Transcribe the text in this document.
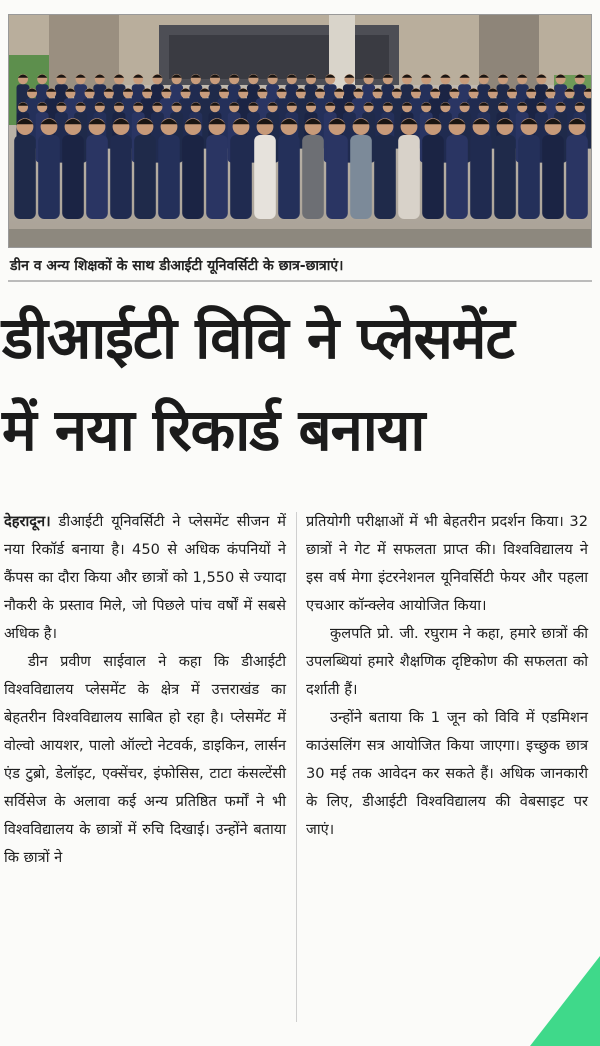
डीन व अन्य शिक्षकों के साथ डीआईटी यूनिवर्सिटी के छात्र-छात्राएं।
डीआईटी विवि ने प्लेसमेंट
में नया रिकार्ड बनाया

देहरादून। डीआईटी यूनिवर्सिटी ने प्लेसमेंट सीजन में नया रिकॉर्ड बनाया है। 450 से अधिक कंपनियों ने कैंपस का दौरा किया और छात्रों को 1,550 से ज्यादा नौकरी के प्रस्ताव मिले, जो पिछले पांच वर्षों में सबसे अधिक है।

डीन प्रवीण साईवाल ने कहा कि डीआईटी विश्वविद्यालय प्लेसमेंट के क्षेत्र में उत्तराखंड का बेहतरीन विश्वविद्यालय साबित हो रहा है। प्लेसमेंट में वोल्वो आयशर, पालो ऑल्टो नेटवर्क, डाइकिन, लार्सन एंड टुब्रो, डेलॉइट, एक्सेंचर, इंफोसिस, टाटा कंसल्टेंसी सर्विसेज के अलावा कई अन्य प्रतिष्ठित फर्मों ने भी विश्वविद्यालय के छात्रों में रुचि दिखाई। उन्होंने बताया कि छात्रों ने

प्रतियोगी परीक्षाओं में भी बेहतरीन प्रदर्शन किया। 32 छात्रों ने गेट में सफलता प्राप्त की। विश्वविद्यालय ने इस वर्ष मेगा इंटरनेशनल यूनिवर्सिटी फेयर और पहला एचआर कॉन्क्लेव आयोजित किया।

कुलपति प्रो. जी. रघुराम ने कहा, हमारे छात्रों की उपलब्धियां हमारे शैक्षणिक दृष्टिकोण की सफलता को दर्शाती हैं।

उन्होंने बताया कि 1 जून को विवि में एडमिशन काउंसलिंग सत्र आयोजित किया जाएगा। इच्छुक छात्र 30 मई तक आवेदन कर सकते हैं। अधिक जानकारी के लिए, डीआईटी विश्वविद्यालय की वेबसाइट पर जाएं।
